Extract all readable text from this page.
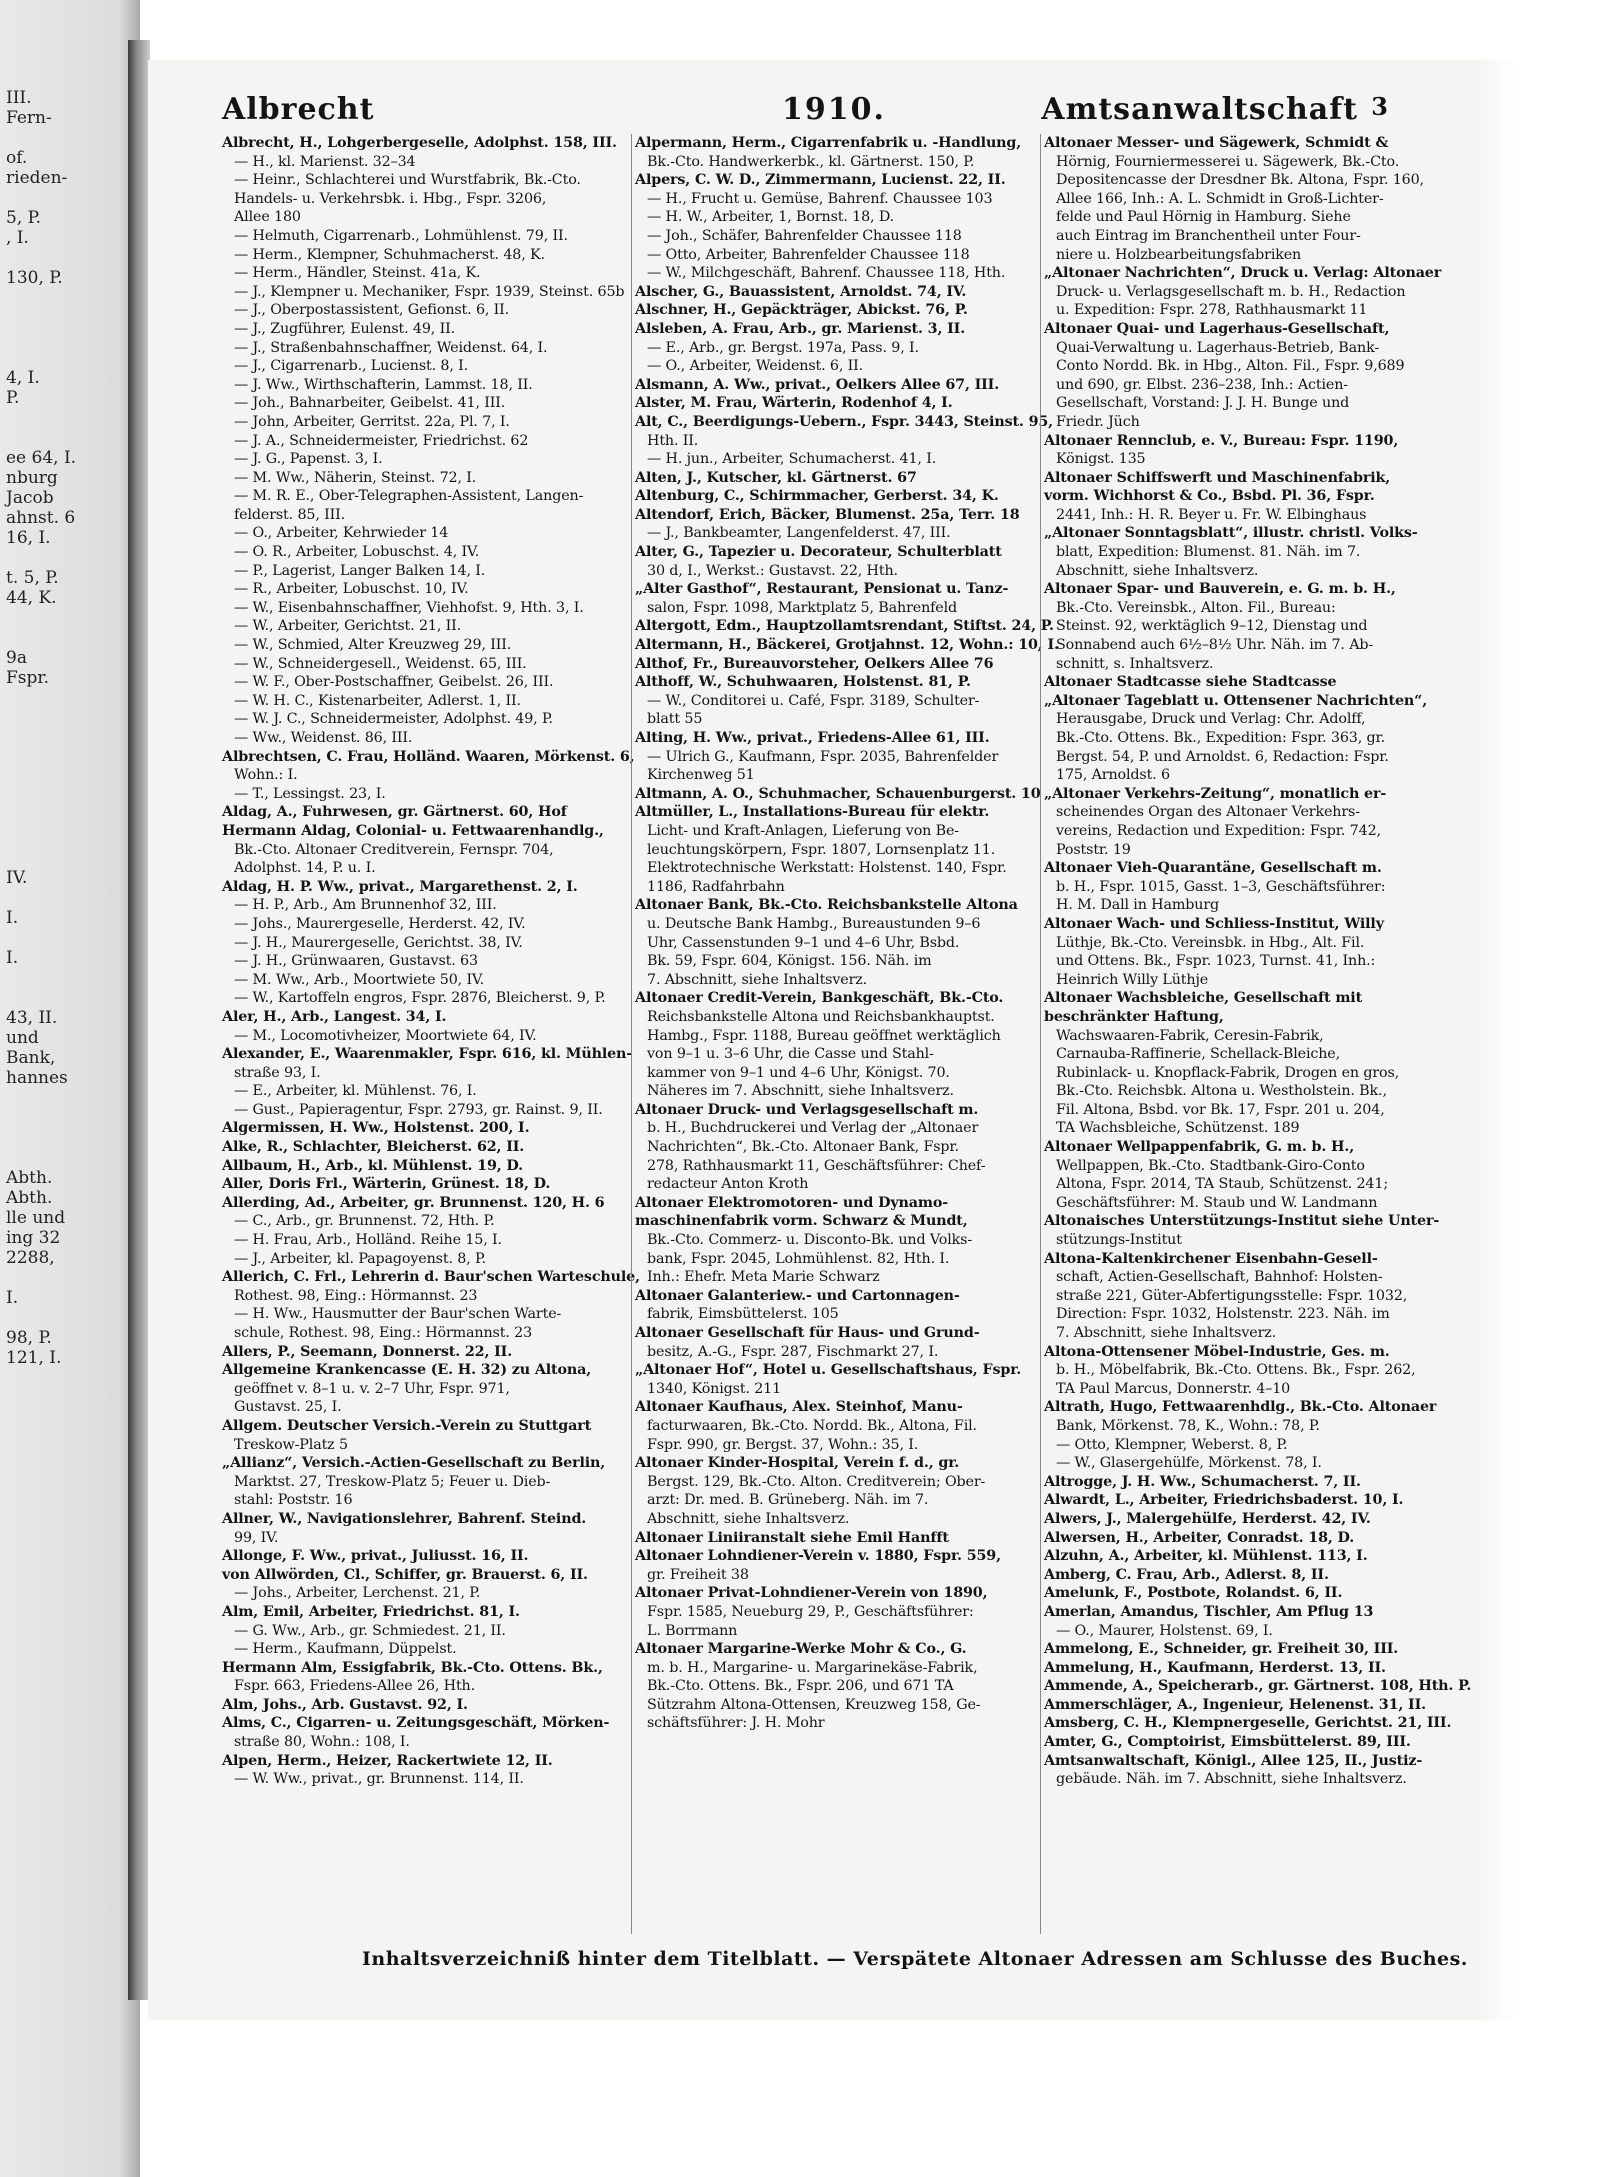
III.
Fern-
of.
rieden-
5, P.
, I.
130, P.
4, I.
P.
ee 64, I.
nburg
Jacob
ahnst. 6
16, I.
t. 5, P.
44, K.
9a
Fspr.
IV.
I.
I.
43, II.
und
Bank,
hannes
Abth.
Abth.
lle und
ing 32
2288,
I.
98, P.
121, I.
Albrecht	1910.	Amtsanwaltschaft 3
Albrecht, H., Lohgerbergeselle, Adolphst. 158, III.
— H., kl. Marienst. 32–34
— Heinr., Schlachterei und Wurstfabrik, Bk.-Cto.
Handels- u. Verkehrsbk. i. Hbg., Fspr. 3206,
Allee 180
— Helmuth, Cigarrenarb., Lohmühlenst. 79, II.
— Herm., Klempner, Schuhmacherst. 48, K.
— Herm., Händler, Steinst. 41a, K.
— J., Klempner u. Mechaniker, Fspr. 1939, Steinst. 65b
— J., Oberpostassistent, Gefionst. 6, II.
— J., Zugführer, Eulenst. 49, II.
— J., Straßenbahnschaffner, Weidenst. 64, I.
— J., Cigarrenarb., Lucienst. 8, I.
— J. Ww., Wirthschafterin, Lammst. 18, II.
— Joh., Bahnarbeiter, Geibelst. 41, III.
— John, Arbeiter, Gerritst. 22a, Pl. 7, I.
— J. A., Schneidermeister, Friedrichst. 62
— J. G., Papenst. 3, I.
— M. Ww., Näherin, Steinst. 72, I.
— M. R. E., Ober-Telegraphen-Assistent, Langen-
felderst. 85, III.
— O., Arbeiter, Kehrwieder 14
— O. R., Arbeiter, Lobuschst. 4, IV.
— P., Lagerist, Langer Balken 14, I.
— R., Arbeiter, Lobuschst. 10, IV.
— W., Eisenbahnschaffner, Viehhofst. 9, Hth. 3, I.
— W., Arbeiter, Gerichtst. 21, II.
— W., Schmied, Alter Kreuzweg 29, III.
— W., Schneidergesell., Weidenst. 65, III.
— W. F., Ober-Postschaffner, Geibelst. 26, III.
— W. H. C., Kistenarbeiter, Adlerst. 1, II.
— W. J. C., Schneidermeister, Adolphst. 49, P.
— Ww., Weidenst. 86, III.
Albrechtsen, C. Frau, Holländ. Waaren, Mörkenst. 6,
Wohn.: I.
— T., Lessingst. 23, I.
Aldag, A., Fuhrwesen, gr. Gärtnerst. 60, Hof
Hermann Aldag, Colonial- u. Fettwaarenhandlg.,
Bk.-Cto. Altonaer Creditverein, Fernspr. 704,
Adolphst. 14, P. u. I.
Aldag, H. P. Ww., privat., Margarethenst. 2, I.
— H. P., Arb., Am Brunnenhof 32, III.
— Johs., Maurergeselle, Herderst. 42, IV.
— J. H., Maurergeselle, Gerichtst. 38, IV.
— J. H., Grünwaaren, Gustavst. 63
— M. Ww., Arb., Moortwiete 50, IV.
— W., Kartoffeln engros, Fspr. 2876, Bleicherst. 9, P.
Aler, H., Arb., Langest. 34, I.
— M., Locomotivheizer, Moortwiete 64, IV.
Alexander, E., Waarenmakler, Fspr. 616, kl. Mühlen-
straße 93, I.
— E., Arbeiter, kl. Mühlenst. 76, I.
— Gust., Papieragentur, Fspr. 2793, gr. Rainst. 9, II.
Algermissen, H. Ww., Holstenst. 200, I.
Alke, R., Schlachter, Bleicherst. 62, II.
Allbaum, H., Arb., kl. Mühlenst. 19, D.
Aller, Doris Frl., Wärterin, Grünest. 18, D.
Allerding, Ad., Arbeiter, gr. Brunnenst. 120, H. 6
— C., Arb., gr. Brunnenst. 72, Hth. P.
— H. Frau, Arb., Holländ. Reihe 15, I.
— J., Arbeiter, kl. Papagoyenst. 8, P.
Allerich, C. Frl., Lehrerin d. Baur'schen Warteschule,
Rothest. 98, Eing.: Hörmannst. 23
— H. Ww., Hausmutter der Baur'schen Warte-
schule, Rothest. 98, Eing.: Hörmannst. 23
Allers, P., Seemann, Donnerst. 22, II.
Allgemeine Krankencasse (E. H. 32) zu Altona,
geöffnet v. 8–1 u. v. 2–7 Uhr, Fspr. 971,
Gustavst. 25, I.
Allgem. Deutscher Versich.-Verein zu Stuttgart
Treskow-Platz 5
„Allianz“, Versich.-Actien-Gesellschaft zu Berlin,
Marktst. 27, Treskow-Platz 5; Feuer u. Dieb-
stahl: Poststr. 16
Allner, W., Navigationslehrer, Bahrenf. Steind.
99, IV.
Allonge, F. Ww., privat., Juliusst. 16, II.
von Allwörden, Cl., Schiffer, gr. Brauerst. 6, II.
— Johs., Arbeiter, Lerchenst. 21, P.
Alm, Emil, Arbeiter, Friedrichst. 81, I.
— G. Ww., Arb., gr. Schmiedest. 21, II.
— Herm., Kaufmann, Düppelst.
Hermann Alm, Essigfabrik, Bk.-Cto. Ottens. Bk.,
Fspr. 663, Friedens-Allee 26, Hth.
Alm, Johs., Arb. Gustavst. 92, I.
Alms, C., Cigarren- u. Zeitungsgeschäft, Mörken-
straße 80, Wohn.: 108, I.
Alpen, Herm., Heizer, Rackertwiete 12, II.
— W. Ww., privat., gr. Brunnenst. 114, II.
Alpermann, Herm., Cigarrenfabrik u. -Handlung,
Bk.-Cto. Handwerkerbk., kl. Gärtnerst. 150, P.
Alpers, C. W. D., Zimmermann, Lucienst. 22, II.
— H., Frucht u. Gemüse, Bahrenf. Chaussee 103
— H. W., Arbeiter, 1, Bornst. 18, D.
— Joh., Schäfer, Bahrenfelder Chaussee 118
— Otto, Arbeiter, Bahrenfelder Chaussee 118
— W., Milchgeschäft, Bahrenf. Chaussee 118, Hth.
Alscher, G., Bauassistent, Arnoldst. 74, IV.
Alschner, H., Gepäckträger, Abickst. 76, P.
Alsleben, A. Frau, Arb., gr. Marienst. 3, II.
— E., Arb., gr. Bergst. 197a, Pass. 9, I.
— O., Arbeiter, Weidenst. 6, II.
Alsmann, A. Ww., privat., Oelkers Allee 67, III.
Alster, M. Frau, Wärterin, Rodenhof 4, I.
Alt, C., Beerdigungs-Uebern., Fspr. 3443, Steinst. 95,
Hth. II.
— H. jun., Arbeiter, Schumacherst. 41, I.
Alten, J., Kutscher, kl. Gärtnerst. 67
Altenburg, C., Schirmmacher, Gerberst. 34, K.
Altendorf, Erich, Bäcker, Blumenst. 25a, Terr. 18
— J., Bankbeamter, Langenfelderst. 47, III.
Alter, G., Tapezier u. Decorateur, Schulterblatt
30 d, I., Werkst.: Gustavst. 22, Hth.
„Alter Gasthof“, Restaurant, Pensionat u. Tanz-
salon, Fspr. 1098, Marktplatz 5, Bahrenfeld
Altergott, Edm., Hauptzollamtsrendant, Stiftst. 24, P.
Altermann, H., Bäckerei, Grotjahnst. 12, Wohn.: 10, I.
Althof, Fr., Bureauvorsteher, Oelkers Allee 76
Althoff, W., Schuhwaaren, Holstenst. 81, P.
— W., Conditorei u. Café, Fspr. 3189, Schulter-
blatt 55
Alting, H. Ww., privat., Friedens-Allee 61, III.
— Ulrich G., Kaufmann, Fspr. 2035, Bahrenfelder
Kirchenweg 51
Altmann, A. O., Schuhmacher, Schauenburgerst. 10
Altmüller, L., Installations-Bureau für elektr.
Licht- und Kraft-Anlagen, Lieferung von Be-
leuchtungskörpern, Fspr. 1807, Lornsenplatz 11.
Elektrotechnische Werkstatt: Holstenst. 140, Fspr.
1186, Radfahrbahn
Altonaer Bank, Bk.-Cto. Reichsbankstelle Altona
u. Deutsche Bank Hambg., Bureaustunden 9–6
Uhr, Cassenstunden 9–1 und 4–6 Uhr, Bsbd.
Bk. 59, Fspr. 604, Königst. 156. Näh. im
7. Abschnitt, siehe Inhaltsverz.
Altonaer Credit-Verein, Bankgeschäft, Bk.-Cto.
Reichsbankstelle Altona und Reichsbankhauptst.
Hambg., Fspr. 1188, Bureau geöffnet werktäglich
von 9–1 u. 3–6 Uhr, die Casse und Stahl-
kammer von 9–1 und 4–6 Uhr, Königst. 70.
Näheres im 7. Abschnitt, siehe Inhaltsverz.
Altonaer Druck- und Verlagsgesellschaft m.
b. H., Buchdruckerei und Verlag der „Altonaer
Nachrichten“, Bk.-Cto. Altonaer Bank, Fspr.
278, Rathhausmarkt 11, Geschäftsführer: Chef-
redacteur Anton Kroth
Altonaer Elektromotoren- und Dynamo-
maschinenfabrik vorm. Schwarz & Mundt,
Bk.-Cto. Commerz- u. Disconto-Bk. und Volks-
bank, Fspr. 2045, Lohmühlenst. 82, Hth. I.
Inh.: Ehefr. Meta Marie Schwarz
Altonaer Galanteriew.- und Cartonnagen-
fabrik, Eimsbüttelerst. 105
Altonaer Gesellschaft für Haus- und Grund-
besitz, A.-G., Fspr. 287, Fischmarkt 27, I.
„Altonaer Hof“, Hotel u. Gesellschaftshaus, Fspr.
1340, Königst. 211
Altonaer Kaufhaus, Alex. Steinhof, Manu-
facturwaaren, Bk.-Cto. Nordd. Bk., Altona, Fil.
Fspr. 990, gr. Bergst. 37, Wohn.: 35, I.
Altonaer Kinder-Hospital, Verein f. d., gr.
Bergst. 129, Bk.-Cto. Alton. Creditverein; Ober-
arzt: Dr. med. B. Grüneberg. Näh. im 7.
Abschnitt, siehe Inhaltsverz.
Altonaer Liniiranstalt siehe Emil Hanfft
Altonaer Lohndiener-Verein v. 1880, Fspr. 559,
gr. Freiheit 38
Altonaer Privat-Lohndiener-Verein von 1890,
Fspr. 1585, Neueburg 29, P., Geschäftsführer:
L. Borrmann
Altonaer Margarine-Werke Mohr & Co., G.
m. b. H., Margarine- u. Margarinekäse-Fabrik,
Bk.-Cto. Ottens. Bk., Fspr. 206, und 671 TA
Sützrahm Altona-Ottensen, Kreuzweg 158, Ge-
schäftsführer: J. H. Mohr
Altonaer Messer- und Sägewerk, Schmidt &
Hörnig, Fourniermesserei u. Sägewerk, Bk.-Cto.
Depositencasse der Dresdner Bk. Altona, Fspr. 160,
Allee 166, Inh.: A. L. Schmidt in Groß-Lichter-
felde und Paul Hörnig in Hamburg. Siehe
auch Eintrag im Branchentheil unter Four-
niere u. Holzbearbeitungsfabriken
„Altonaer Nachrichten“, Druck u. Verlag: Altonaer
Druck- u. Verlagsgesellschaft m. b. H., Redaction
u. Expedition: Fspr. 278, Rathhausmarkt 11
Altonaer Quai- und Lagerhaus-Gesellschaft,
Quai-Verwaltung u. Lagerhaus-Betrieb, Bank-
Conto Nordd. Bk. in Hbg., Alton. Fil., Fspr. 9,689
und 690, gr. Elbst. 236–238, Inh.: Actien-
Gesellschaft, Vorstand: J. J. H. Bunge und
Friedr. Jüch
Altonaer Rennclub, e. V., Bureau: Fspr. 1190,
Königst. 135
Altonaer Schiffswerft und Maschinenfabrik,
vorm. Wichhorst & Co., Bsbd. Pl. 36, Fspr.
2441, Inh.: H. R. Beyer u. Fr. W. Elbinghaus
„Altonaer Sonntagsblatt“, illustr. christl. Volks-
blatt, Expedition: Blumenst. 81. Näh. im 7.
Abschnitt, siehe Inhaltsverz.
Altonaer Spar- und Bauverein, e. G. m. b. H.,
Bk.-Cto. Vereinsbk., Alton. Fil., Bureau:
Steinst. 92, werktäglich 9–12, Dienstag und
Sonnabend auch 6½–8½ Uhr. Näh. im 7. Ab-
schnitt, s. Inhaltsverz.
Altonaer Stadtcasse siehe Stadtcasse
„Altonaer Tageblatt u. Ottensener Nachrichten“,
Herausgabe, Druck und Verlag: Chr. Adolff,
Bk.-Cto. Ottens. Bk., Expedition: Fspr. 363, gr.
Bergst. 54, P. und Arnoldst. 6, Redaction: Fspr.
175, Arnoldst. 6
„Altonaer Verkehrs-Zeitung“, monatlich er-
scheinendes Organ des Altonaer Verkehrs-
vereins, Redaction und Expedition: Fspr. 742,
Poststr. 19
Altonaer Vieh-Quarantäne, Gesellschaft m.
b. H., Fspr. 1015, Gasst. 1–3, Geschäftsführer:
H. M. Dall in Hamburg
Altonaer Wach- und Schliess-Institut, Willy
Lüthje, Bk.-Cto. Vereinsbk. in Hbg., Alt. Fil.
und Ottens. Bk., Fspr. 1023, Turnst. 41, Inh.:
Heinrich Willy Lüthje
Altonaer Wachsbleiche, Gesellschaft mit
beschränkter Haftung,
Wachswaaren-Fabrik, Ceresin-Fabrik,
Carnauba-Raffinerie, Schellack-Bleiche,
Rubinlack- u. Knopflack-Fabrik, Drogen en gros,
Bk.-Cto. Reichsbk. Altona u. Westholstein. Bk.,
Fil. Altona, Bsbd. vor Bk. 17, Fspr. 201 u. 204,
TA Wachsbleiche, Schützenst. 189
Altonaer Wellpappenfabrik, G. m. b. H.,
Wellpappen, Bk.-Cto. Stadtbank-Giro-Conto
Altona, Fspr. 2014, TA Staub, Schützenst. 241;
Geschäftsführer: M. Staub und W. Landmann
Altonaisches Unterstützungs-Institut siehe Unter-
stützungs-Institut
Altona-Kaltenkirchener Eisenbahn-Gesell-
schaft, Actien-Gesellschaft, Bahnhof: Holsten-
straße 221, Güter-Abfertigungsstelle: Fspr. 1032,
Direction: Fspr. 1032, Holstenstr. 223. Näh. im
7. Abschnitt, siehe Inhaltsverz.
Altona-Ottensener Möbel-Industrie, Ges. m.
b. H., Möbelfabrik, Bk.-Cto. Ottens. Bk., Fspr. 262,
TA Paul Marcus, Donnerstr. 4–10
Altrath, Hugo, Fettwaarenhdlg., Bk.-Cto. Altonaer
Bank, Mörkenst. 78, K., Wohn.: 78, P.
— Otto, Klempner, Weberst. 8, P.
— W., Glasergehülfe, Mörkenst. 78, I.
Altrogge, J. H. Ww., Schumacherst. 7, II.
Alwardt, L., Arbeiter, Friedrichsbaderst. 10, I.
Alwers, J., Malergehülfe, Herderst. 42, IV.
Alwersen, H., Arbeiter, Conradst. 18, D.
Alzuhn, A., Arbeiter, kl. Mühlenst. 113, I.
Amberg, C. Frau, Arb., Adlerst. 8, II.
Amelunk, F., Postbote, Rolandst. 6, II.
Amerlan, Amandus, Tischler, Am Pflug 13
— O., Maurer, Holstenst. 69, I.
Ammelong, E., Schneider, gr. Freiheit 30, III.
Ammelung, H., Kaufmann, Herderst. 13, II.
Ammende, A., Speicherarb., gr. Gärtnerst. 108, Hth. P.
Ammerschläger, A., Ingenieur, Helenenst. 31, II.
Amsberg, C. H., Klempnergeselle, Gerichtst. 21, III.
Amter, G., Comptoirist, Eimsbüttelerst. 89, III.
Amtsanwaltschaft, Königl., Allee 125, II., Justiz-
gebäude. Näh. im 7. Abschnitt, siehe Inhaltsverz.
Inhaltsverzeichniß hinter dem Titelblatt. — Verspätete Altonaer Adressen am Schlusse des Buches.
